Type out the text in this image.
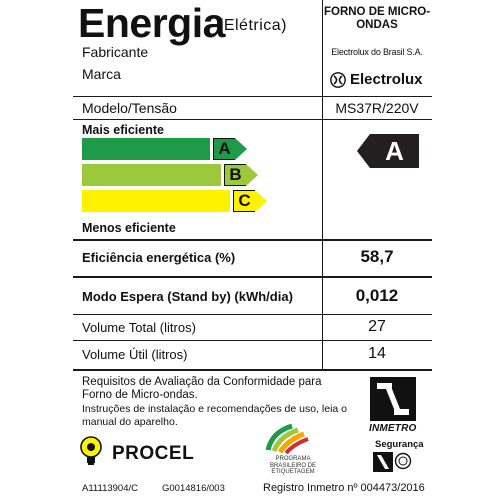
Energia
(Elétrica)
FORNO DE MICRO-ONDAS
Fabricante	Electrolux do Brasil S.A.
Marca	Electrolux
Modelo/Tensão	MS37R/220V
Mais eficiente
A
B
C
Menos eficiente
A
Eficiência energética (%)	58,7
Modo Espera (Stand by) (kWh/dia)	0,012
Volume Total (litros)	27
Volume Útil (litros)	14
Requisitos de Avaliação da Conformidade para Forno de Micro-ondas.
Instruções de instalação e recomendações de uso, leia o manual do aparelho.
INMETRO
Segurança
PROCEL	PROGRAMA BRASILEIRO DE ETIQUETAGEM
A11113904/C	G0014816/003	Registro Inmetro nº 004473/2016
